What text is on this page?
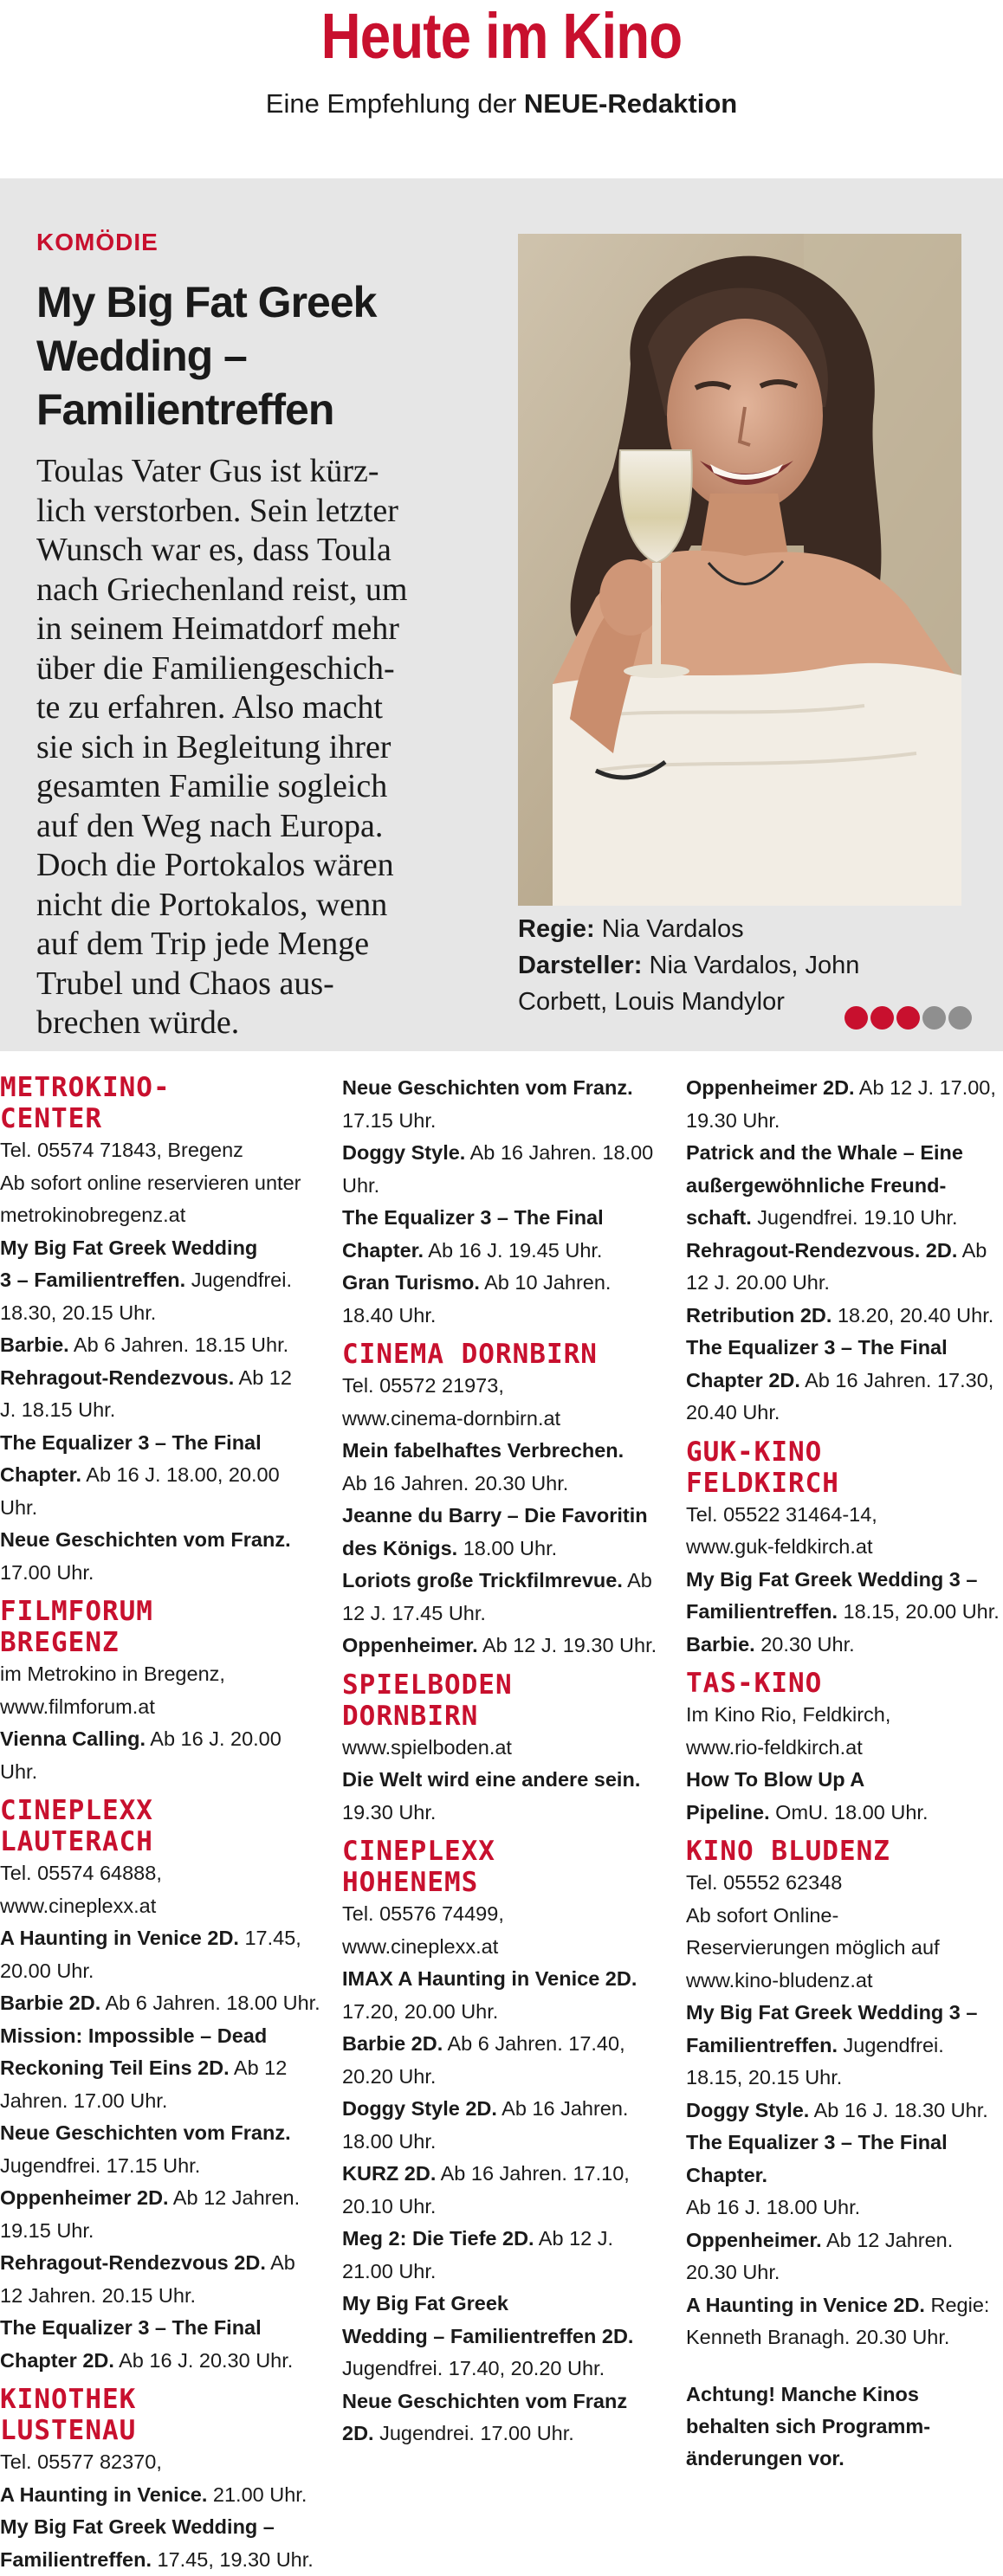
Heute im Kino
Eine Empfehlung der NEUE-Redaktion
KOMÖDIE
My Big Fat Greek
Wedding –
Familientreffen
Toulas Vater Gus ist kürz-
lich verstorben. Sein letzter
Wunsch war es, dass Toula
nach Griechenland reist, um
in seinem Heimatdorf mehr
über die Familiengeschich-
te zu erfahren. Also macht
sie sich in Begleitung ihrer
gesamten Familie sogleich
auf den Weg nach Europa.
Doch die Portokalos wären
nicht die Portokalos, wenn
auf dem Trip jede Menge
Trubel und Chaos aus-
brechen würde.
Regie: Nia Vardalos
Darsteller: Nia Vardalos, John
Corbett, Louis Mandylor
METROKINO-
CENTER
Tel. 05574 71843, Bregenz
Ab sofort online reservieren unter
metrokinobregenz.at
My Big Fat Greek Wedding
3 – Familientreffen. Jugendfrei.
18.30, 20.15 Uhr.
Barbie. Ab 6 Jahren. 18.15 Uhr.
Rehragout-Rendezvous. Ab 12
J. 18.15 Uhr.
The Equalizer 3 – The Final
Chapter. Ab 16 J. 18.00, 20.00 Uhr.
Neue Geschichten vom Franz.
17.00 Uhr.
FILMFORUM
BREGENZ
im Metrokino in Bregenz,
www.filmforum.at
Vienna Calling. Ab 16 J. 20.00 Uhr.
CINEPLEXX
LAUTERACH
Tel. 05574 64888,
www.cineplexx.at
A Haunting in Venice 2D. 17.45,
20.00 Uhr.
Barbie 2D. Ab 6 Jahren. 18.00 Uhr.
Mission: Impossible – Dead
Reckoning Teil Eins 2D. Ab 12
Jahren. 17.00 Uhr.
Neue Geschichten vom Franz.
Jugendfrei. 17.15 Uhr.
Oppenheimer 2D. Ab 12 Jahren.
19.15 Uhr.
Rehragout-Rendezvous 2D. Ab
12 Jahren. 20.15 Uhr.
The Equalizer 3 – The Final
Chapter 2D. Ab 16 J. 20.30 Uhr.
KINOTHEK
LUSTENAU
Tel. 05577 82370,
A Haunting in Venice. 21.00 Uhr.
My Big Fat Greek Wedding –
Familientreffen. 17.45, 19.30 Uhr.
Neue Geschichten vom Franz.
17.15 Uhr.
Doggy Style. Ab 16 Jahren. 18.00
Uhr.
The Equalizer 3 – The Final
Chapter. Ab 16 J. 19.45 Uhr.
Gran Turismo. Ab 10 Jahren.
18.40 Uhr.
CINEMA DORNBIRN
Tel. 05572 21973,
www.cinema-dornbirn.at
Mein fabelhaftes Verbrechen.
Ab 16 Jahren. 20.30 Uhr.
Jeanne du Barry – Die Favoritin
des Königs. 18.00 Uhr.
Loriots große Trickfilmrevue. Ab
12 J. 17.45 Uhr.
Oppenheimer. Ab 12 J. 19.30 Uhr.
SPIELBODEN
DORNBIRN
www.spielboden.at
Die Welt wird eine andere sein.
19.30 Uhr.
CINEPLEXX
HOHENEMS
Tel. 05576 74499,
www.cineplexx.at
IMAX A Haunting in Venice 2D.
17.20, 20.00 Uhr.
Barbie 2D. Ab 6 Jahren. 17.40,
20.20 Uhr.
Doggy Style 2D. Ab 16 Jahren.
18.00 Uhr.
KURZ 2D. Ab 16 Jahren. 17.10,
20.10 Uhr.
Meg 2: Die Tiefe 2D. Ab 12 J.
21.00 Uhr.
My Big Fat Greek
Wedding – Familientreffen 2D.
Jugendfrei. 17.40, 20.20 Uhr.
Neue Geschichten vom Franz
2D. Jugendrei. 17.00 Uhr.
Oppenheimer 2D. Ab 12 J. 17.00,
19.30 Uhr.
Patrick and the Whale – Eine
außergewöhnliche Freund-
schaft. Jugendfrei. 19.10 Uhr.
Rehragout-Rendezvous. 2D. Ab
12 J. 20.00 Uhr.
Retribution 2D. 18.20, 20.40 Uhr.
The Equalizer 3 – The Final
Chapter 2D. Ab 16 Jahren. 17.30,
20.40 Uhr.
GUK-KINO
FELDKIRCH
Tel. 05522 31464-14,
www.guk-feldkirch.at
My Big Fat Greek Wedding 3 –
Familientreffen. 18.15, 20.00 Uhr.
Barbie. 20.30 Uhr.
TAS-KINO
Im Kino Rio, Feldkirch,
www.rio-feldkirch.at
How To Blow Up A
Pipeline. OmU. 18.00 Uhr.
KINO BLUDENZ
Tel. 05552 62348
Ab sofort Online-
Reservierungen möglich auf
www.kino-bludenz.at
My Big Fat Greek Wedding 3 –
Familientreffen. Jugendfrei.
18.15, 20.15 Uhr.
Doggy Style. Ab 16 J. 18.30 Uhr.
The Equalizer 3 – The Final
Chapter.
Ab 16 J. 18.00 Uhr.
Oppenheimer. Ab 12 Jahren.
20.30 Uhr.
A Haunting in Venice 2D. Regie:
Kenneth Branagh. 20.30 Uhr.
Achtung! Manche Kinos
behalten sich Programm-
änderungen vor.
